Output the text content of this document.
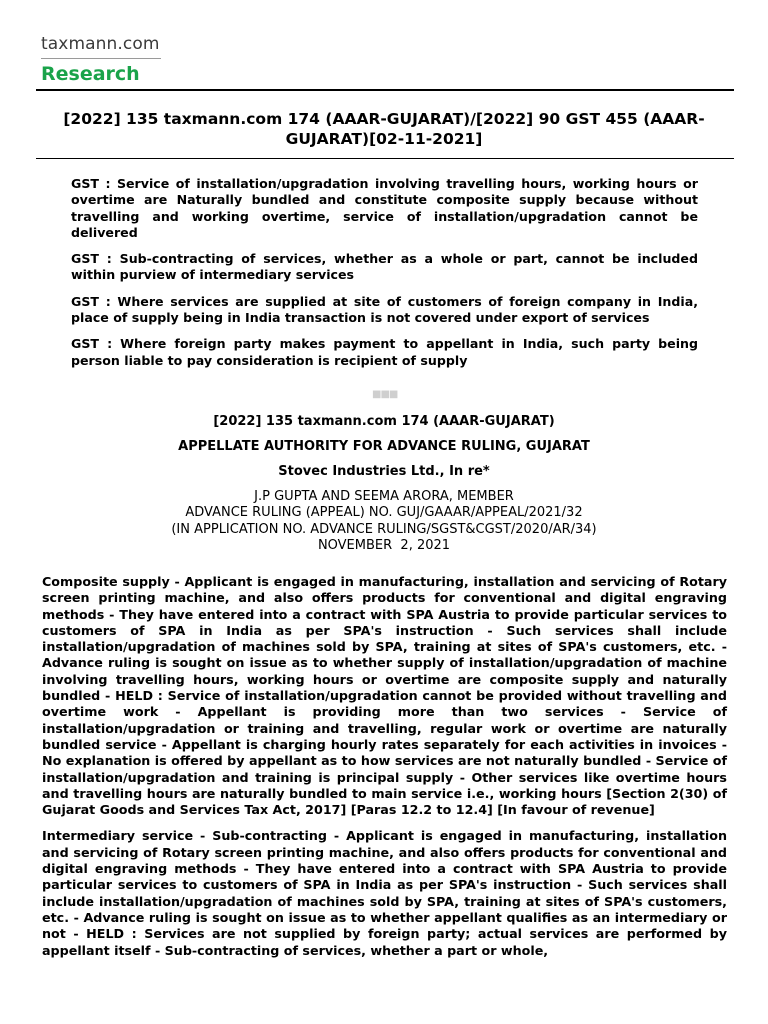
taxmann.com
Research
[2022] 135 taxmann.com 174 (AAAR-GUJARAT)/[2022] 90 GST 455 (AAAR-GUJARAT)[02-11-2021]

GST : Service of installation/upgradation involving travelling hours, working hours or overtime are Naturally bundled and constitute composite supply because without travelling and working overtime, service of installation/upgradation cannot be delivered

GST : Sub-contracting of services, whether as a whole or part, cannot be included within purview of intermediary services

GST : Where services are supplied at site of customers of foreign company in India, place of supply being in India transaction is not covered under export of services

GST : Where foreign party makes payment to appellant in India, such party being person liable to pay consideration is recipient of supply

■■■
[2022] 135 taxmann.com 174 (AAAR-GUJARAT)
APPELLATE AUTHORITY FOR ADVANCE RULING, GUJARAT
Stovec Industries Ltd., In re*
J.P GUPTA AND SEEMA ARORA, MEMBER
ADVANCE RULING (APPEAL) NO. GUJ/GAAAR/APPEAL/2021/32
(IN APPLICATION NO. ADVANCE RULING/SGST&CGST/2020/AR/34)
NOVEMBER  2, 2021

Composite supply - Applicant is engaged in manufacturing, installation and servicing of Rotary screen printing machine, and also offers products for conventional and digital engraving methods - They have entered into a contract with SPA Austria to provide particular services to customers of SPA in India as per SPA's instruction - Such services shall include installation/upgradation of machines sold by SPA, training at sites of SPA's customers, etc. - Advance ruling is sought on issue as to whether supply of installation/upgradation of machine involving travelling hours, working hours or overtime are composite supply and naturally bundled - HELD : Service of installation/upgradation cannot be provided without travelling and overtime work - Appellant is providing more than two services - Service of installation/upgradation or training and travelling, regular work or overtime are naturally bundled service - Appellant is charging hourly rates separately for each activities in invoices - No explanation is offered by appellant as to how services are not naturally bundled - Service of installation/upgradation and training is principal supply - Other services like overtime hours and travelling hours are naturally bundled to main service i.e., working hours [Section 2(30) of Gujarat Goods and Services Tax Act, 2017] [Paras 12.2 to 12.4] [In favour of revenue]

Intermediary service - Sub-contracting - Applicant is engaged in manufacturing, installation and servicing of Rotary screen printing machine, and also offers products for conventional and digital engraving methods - They have entered into a contract with SPA Austria to provide particular services to customers of SPA in India as per SPA's instruction - Such services shall include installation/upgradation of machines sold by SPA, training at sites of SPA's customers, etc. - Advance ruling is sought on issue as to whether appellant qualifies as an intermediary or not - HELD : Services are not supplied by foreign party; actual services are performed by appellant itself - Sub-contracting of services, whether a part or whole,
